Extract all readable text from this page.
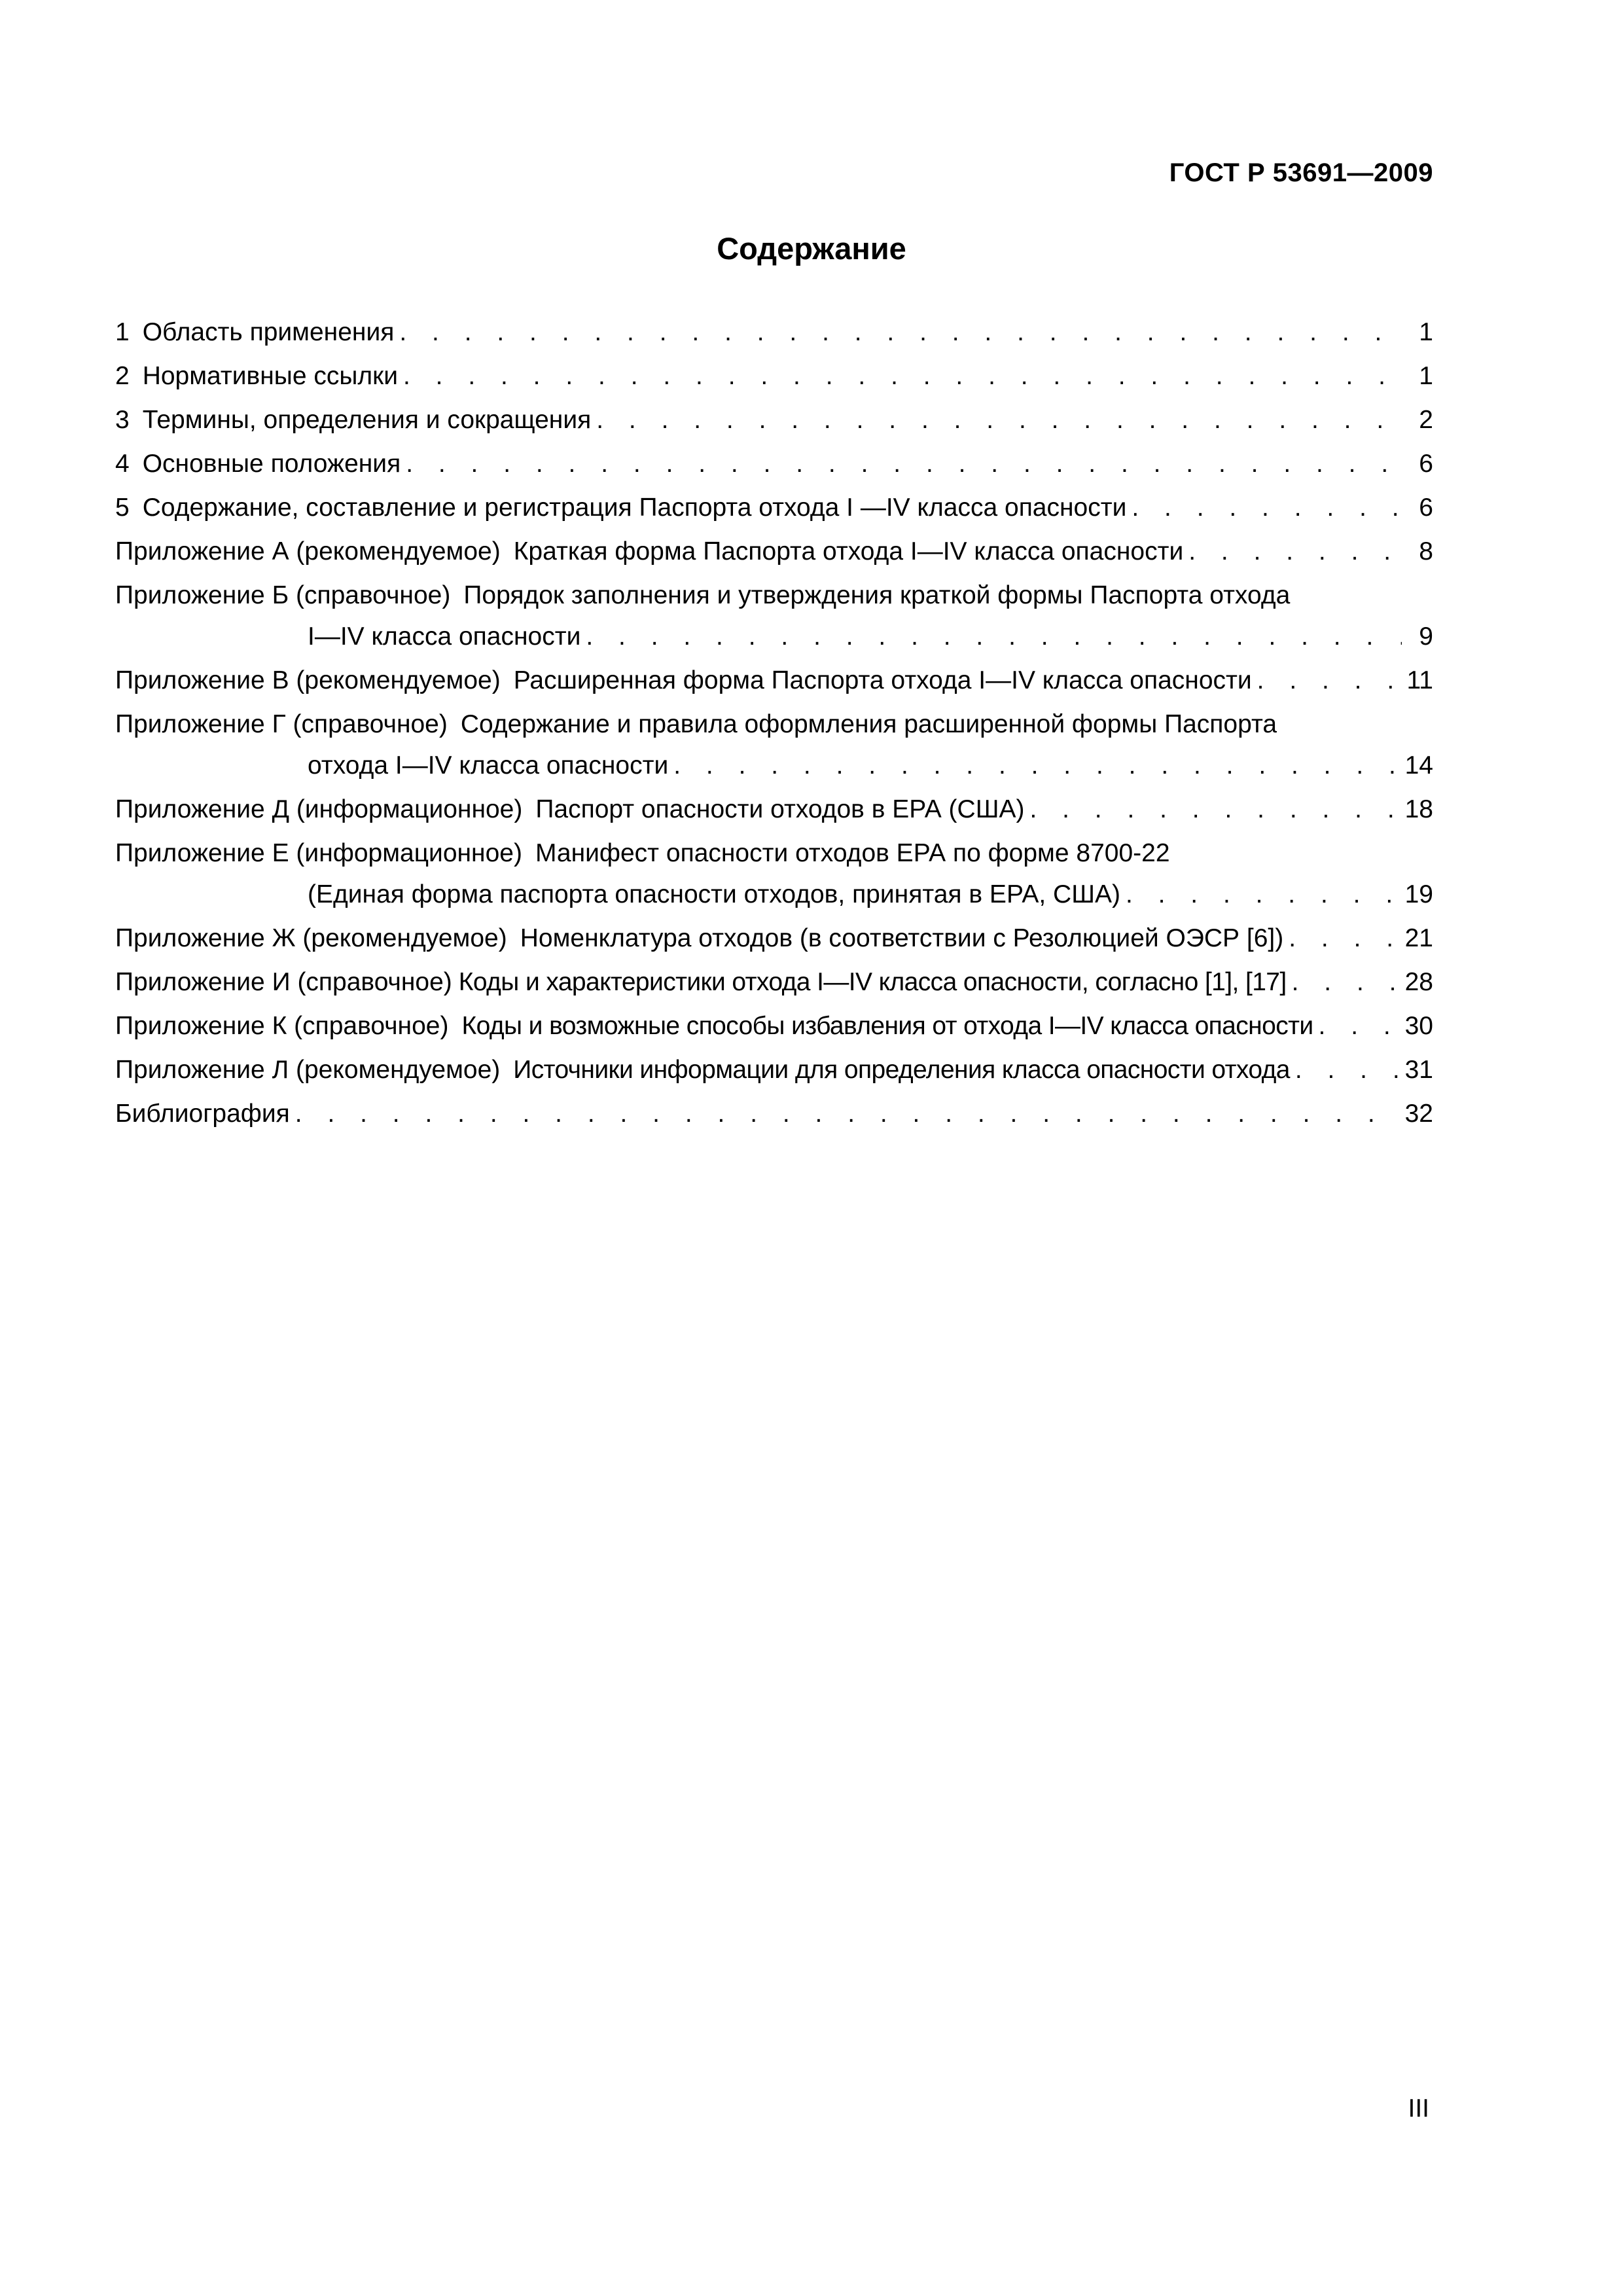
ГОСТ Р 53691—2009
Содержание
1 Область применения . . .	1
2 Нормативные ссылки . . .	1
3 Термины, определения и сокращения . . .	2
4 Основные положения . . .	6
5 Содержание, составление и регистрация Паспорта отхода I —IV класса опасности . . .	6
Приложение А (рекомендуемое) Краткая форма Паспорта отхода I—IV класса опасности . . .	8
Приложение Б (справочное) Порядок заполнения и утверждения краткой формы Паспорта отхода
I—IV класса опасности . . .	9
Приложение В (рекомендуемое) Расширенная форма Паспорта отхода I—IV класса опасности . . .	11
Приложение Г (справочное) Содержание и правила оформления расширенной формы Паспорта
отхода I—IV класса опасности . . .	14
Приложение Д (информационное) Паспорт опасности отходов в ЕРА (США) . . .	18
Приложение Е (информационное) Манифест опасности отходов ЕРА по форме 8700-22
(Единая форма паспорта опасности отходов, принятая в ЕРА, США) . . .	19
Приложение Ж (рекомендуемое) Номенклатура отходов (в соответствии с Резолюцией ОЭСР [6]) . . .	21
Приложение И (справочное) Коды и характеристики отхода I—IV класса опасности, согласно [1], [17] . . .	28
Приложение К (справочное) Коды и возможные способы избавления от отхода I—IV класса опасности . . .	30
Приложение Л (рекомендуемое) Источники информации для определения класса опасности отхода . . .	31
Библиография . . .	32
III
